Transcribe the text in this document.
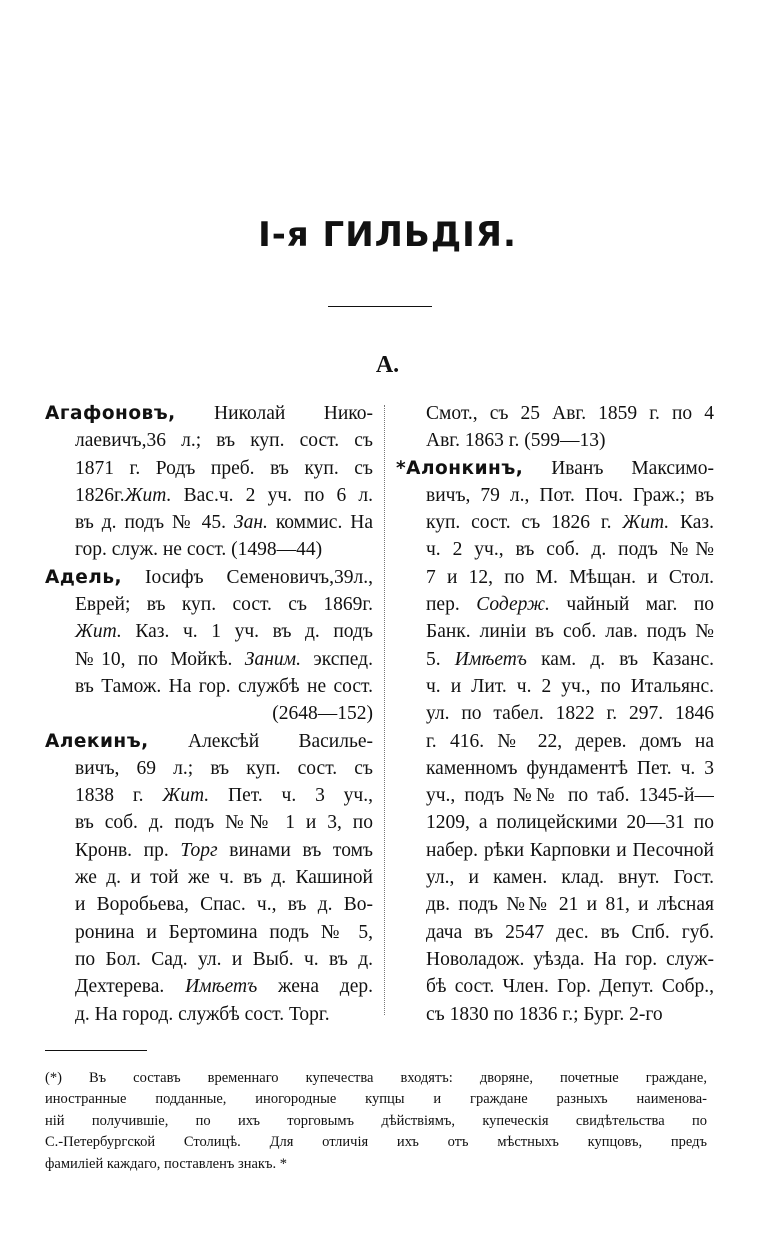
I-я ГИЛЬДIЯ.
А.
Агафоновъ, Николай Нико-
лаевичъ,36 л.; въ куп. сост. съ
1871 г. Родъ преб. въ куп. съ
1826г.Жит. Вас.ч. 2 уч. по 6 л.
въ д. подъ № 45. Зан. коммис. На
гор. служ. не сост. (1498—44)
Адель, Iосифъ Семеновичъ,39л.,
Еврей; въ куп. сост. съ 1869г.
Жит. Каз. ч. 1 уч. въ д. подъ
№10, по Мойкѣ. Заним. экспед.
въ Тамож. На гор. службѣ не сост.
(2648—152)
Алекинъ, Алексѣй Василье-
вичъ, 69 л.; въ куп. сост. съ
1838 г. Жит. Пет. ч. 3 уч.,
въ соб. д. подъ №№ 1 и 3, по
Кронв. пр. Торг винами въ томъ
же д. и той же ч. въ д. Кашиной
и Воробьева, Спас. ч., въ д. Во-
ронина и Бертомина подъ № 5,
по Бол. Сад. ул. и Выб. ч. въ д.
Дехтерева. Имѣетъ жена дер.
д. На город. службѣ сост. Торг.
Смот., съ 25 Авг. 1859 г. по 4
Авг. 1863 г. (599—13)
*Алонкинъ, Иванъ Максимо-
вичъ, 79 л., Пот. Поч. Граж.; въ
куп. сост. съ 1826 г. Жит. Каз.
ч. 2 уч., въ соб. д. подъ №№
7 и 12, по М. Мѣщан. и Стол.
пер. Содерж. чайный маг. по
Банк. линiи въ соб. лав. подъ №
5. Имѣетъ кам. д. въ Казанс.
ч. и Лит. ч. 2 уч., по Итальянс.
ул. по табел. 1822 г. 297. 1846
г. 416. № 22, дерев. домъ на
каменномъ фундаментѣ Пет. ч. 3
уч., подъ №№ по таб. 1345-й—
1209, а полицейскими 20—31 по
набер. рѣки Карповки и Песочной
ул., и камен. клад. внут. Гост.
дв. подъ №№ 21 и 81, и лѣсная
дача въ 2547 дес. въ Спб. губ.
Новоладож. уѣзда. На гор. служ-
бѣ сост. Член. Гор. Депут. Собр.,
съ 1830 по 1836 г.; Бург. 2-го
(*) Въ составъ временнаго купечества входятъ: дворяне, почетные граждане,
иностранные подданные, иногородные купцы и граждане разныхъ наименова-
нiй получившiе, по ихъ торговымъ дѣйствiямъ, купеческiя свидѣтельства по
С.-Петербургской Столицѣ. Для отличiя ихъ отъ мѣстныхъ купцовъ, предъ
фамилiей каждаго, поставленъ знакъ. *
